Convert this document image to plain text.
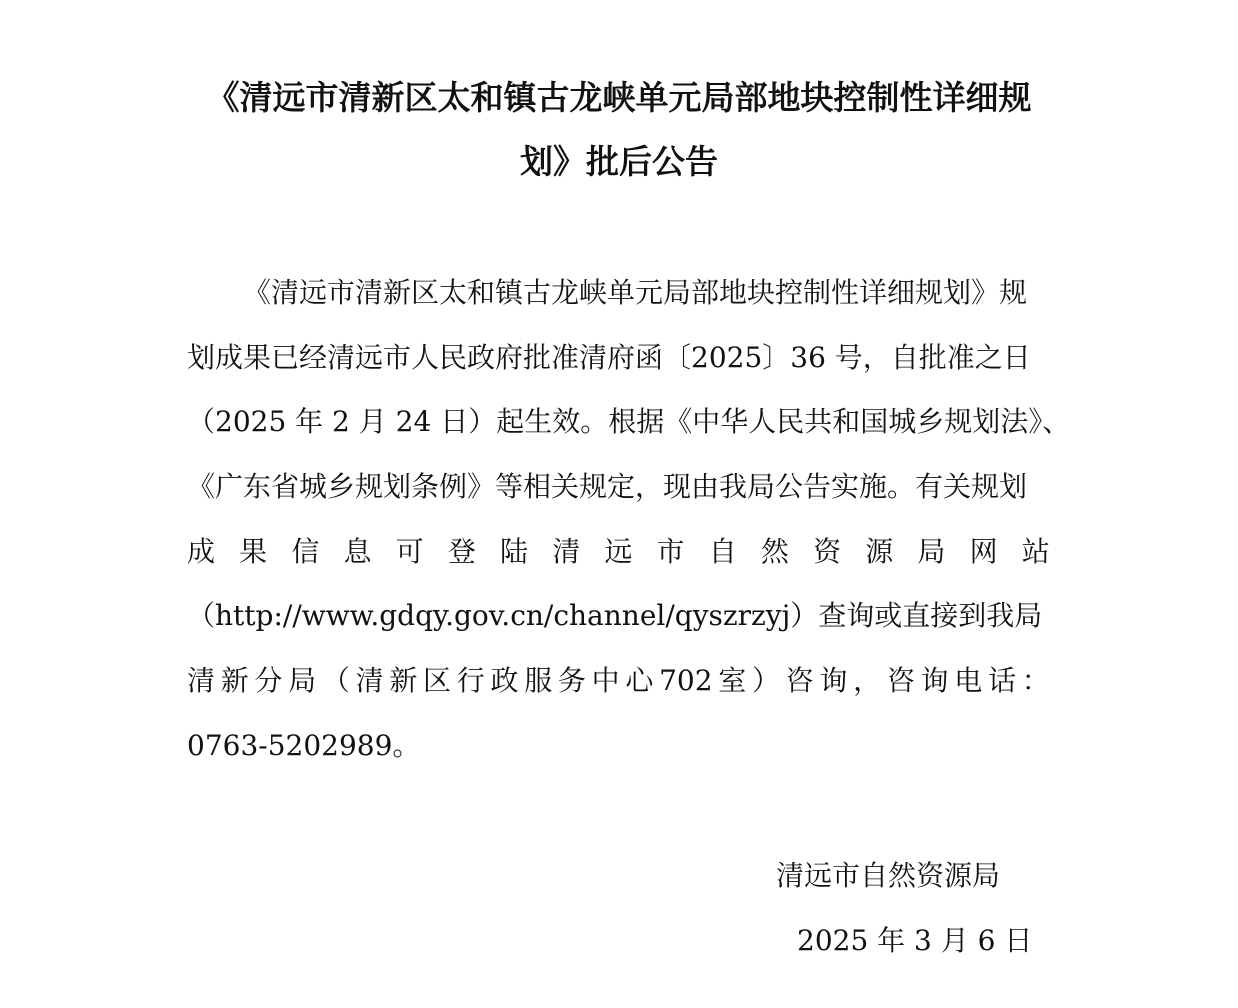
《清远市清新区太和镇古龙峡单元局部地块控制性详细规
划》批后公告
《清远市清新区太和镇古龙峡单元局部地块控制性详细规划》规
划成果已经清远市人民政府批准清府函〔2025〕36 号，自批准之日
（2025 年 2 月 24 日）起生效。根据《中华人民共和国城乡规划法》、
《广东省城乡规划条例》等相关规定，现由我局公告实施。有关规划
成 果 信 息 可 登 陆 清 远 市 自 然 资 源 局 网 站
（http://www.gdqy.gov.cn/channel/qyszrzyj）查询或直接到我局
清 新 分 局 （ 清 新 区 行 政 服 务 中 心 702 室 ） 咨 询 ， 咨 询 电 话 ：
0763-5202989。
清远市自然资源局
2025 年 3 月 6 日
